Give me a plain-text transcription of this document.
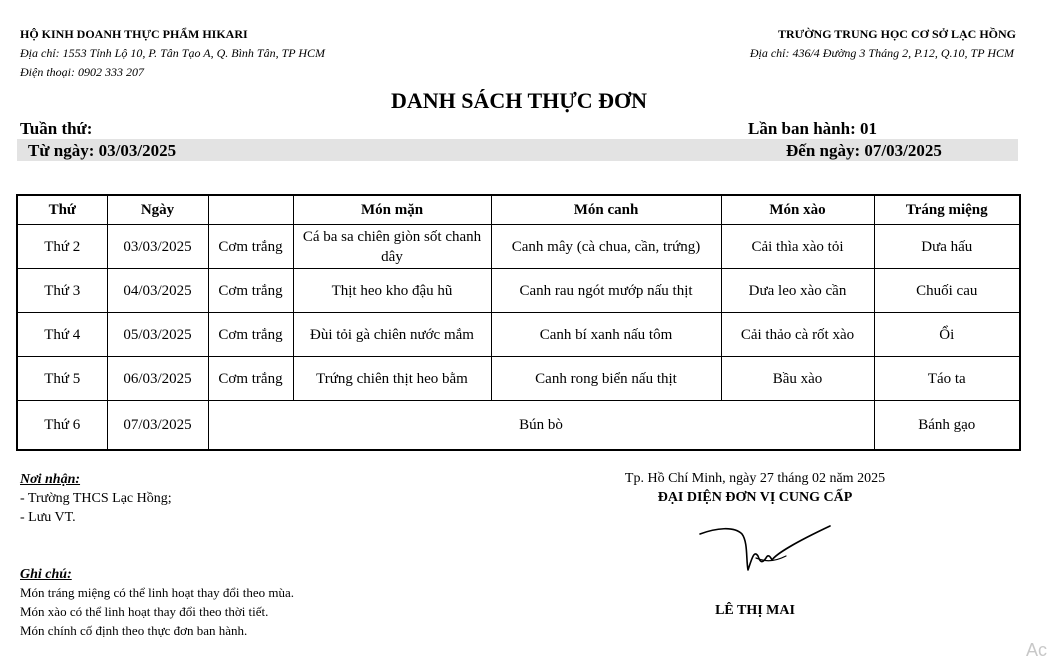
HỘ KINH DOANH THỰC PHẨM HIKARI
Địa chỉ: 1553 Tỉnh Lộ 10, P. Tân Tạo A, Q. Bình Tân, TP HCM
Điện thoại: 0902 333 207
TRƯỜNG TRUNG HỌC CƠ SỞ LẠC HỒNG
Địa chỉ: 436/4 Đường 3 Tháng 2, P.12, Q.10, TP HCM
DANH SÁCH THỰC ĐƠN
Tuần thứ:	Lần ban hành: 01
Từ ngày: 03/03/2025	Đến ngày: 07/03/2025
Thứ	Ngày		Món mặn	Món canh	Món xào	Tráng miệng
Thứ 2	03/03/2025	Cơm trắng	Cá ba sa chiên giòn sốt chanh dây	Canh mây (cà chua, cần, trứng)	Cải thìa xào tỏi	Dưa hấu
Thứ 3	04/03/2025	Cơm trắng	Thịt heo kho đậu hũ	Canh rau ngót mướp nấu thịt	Dưa leo xào cần	Chuối cau
Thứ 4	05/03/2025	Cơm trắng	Đùi tỏi gà chiên nước mắm	Canh bí xanh nấu tôm	Cải thảo cà rốt xào	Ổi
Thứ 5	06/03/2025	Cơm trắng	Trứng chiên thịt heo bằm	Canh rong biển nấu thịt	Bầu xào	Táo ta
Thứ 6	07/03/2025	Bún bò				Bánh gạo
Nơi nhận:
- Trường THCS Lạc Hồng;
- Lưu VT.
Ghi chú:
Món tráng miệng có thể linh hoạt thay đổi theo mùa.
Món xào có thể linh hoạt thay đổi theo thời tiết.
Món chính cố định theo thực đơn ban hành.
Tp. Hồ Chí Minh, ngày 27 tháng 02 năm 2025
ĐẠI DIỆN ĐƠN VỊ CUNG CẤP
LÊ THỊ MAI
Ac
